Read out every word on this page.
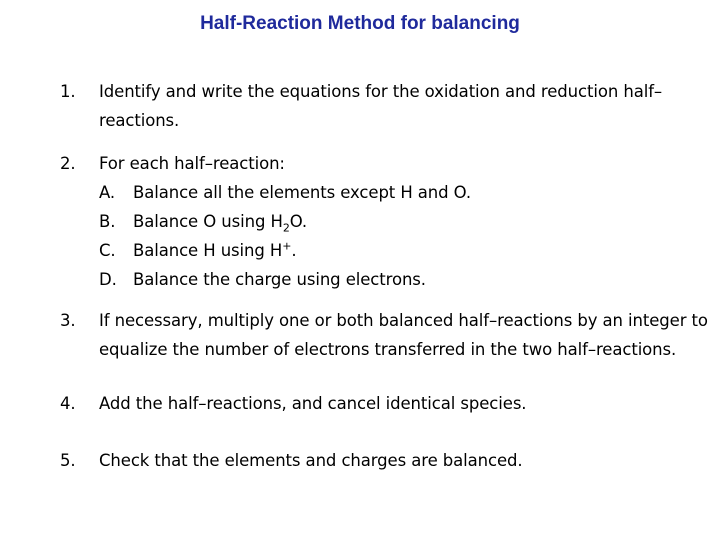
Half-Reaction Method for balancing
1.	Identify and write the equations for the oxidation and reduction half–reactions.
2.	For each half–reaction:
A. Balance all the elements except H and O.
B. Balance O using $H_2O$.
C. Balance H using H+.
D. Balance the charge using electrons.
3.	If necessary, multiply one or both balanced half–reactions by an integer to equalize the number of electrons transferred in the two half–reactions.
4.	Add the half–reactions, and cancel identical species.
5.	Check that the elements and charges are balanced.
